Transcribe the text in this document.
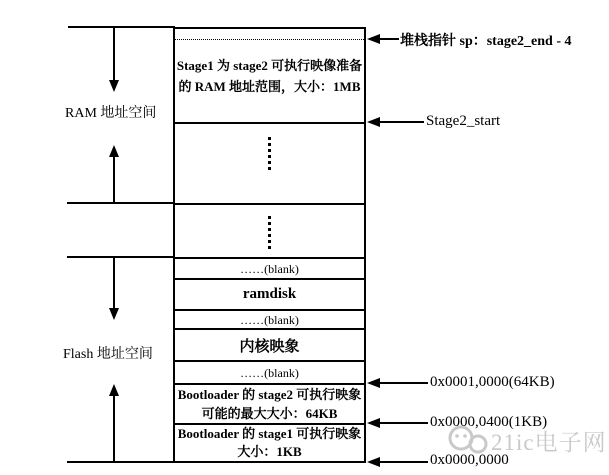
21ic电子网
RAM 地址空间
Flash 地址空间
Stage1 为 stage2 可执行映像准备
的 RAM 地址范围，大小：1MB
……(blank)
ramdisk
……(blank)
内核映象
……(blank)
Bootloader 的 stage2 可执行映象
可能的最大大小：64KB
Bootloader 的 stage1 可执行映象
大小：1KB
堆栈指针 sp：stage2_end - 4
Stage2_start
0x0001,0000(64KB)
0x0000,0400(1KB)
0x0000,0000
